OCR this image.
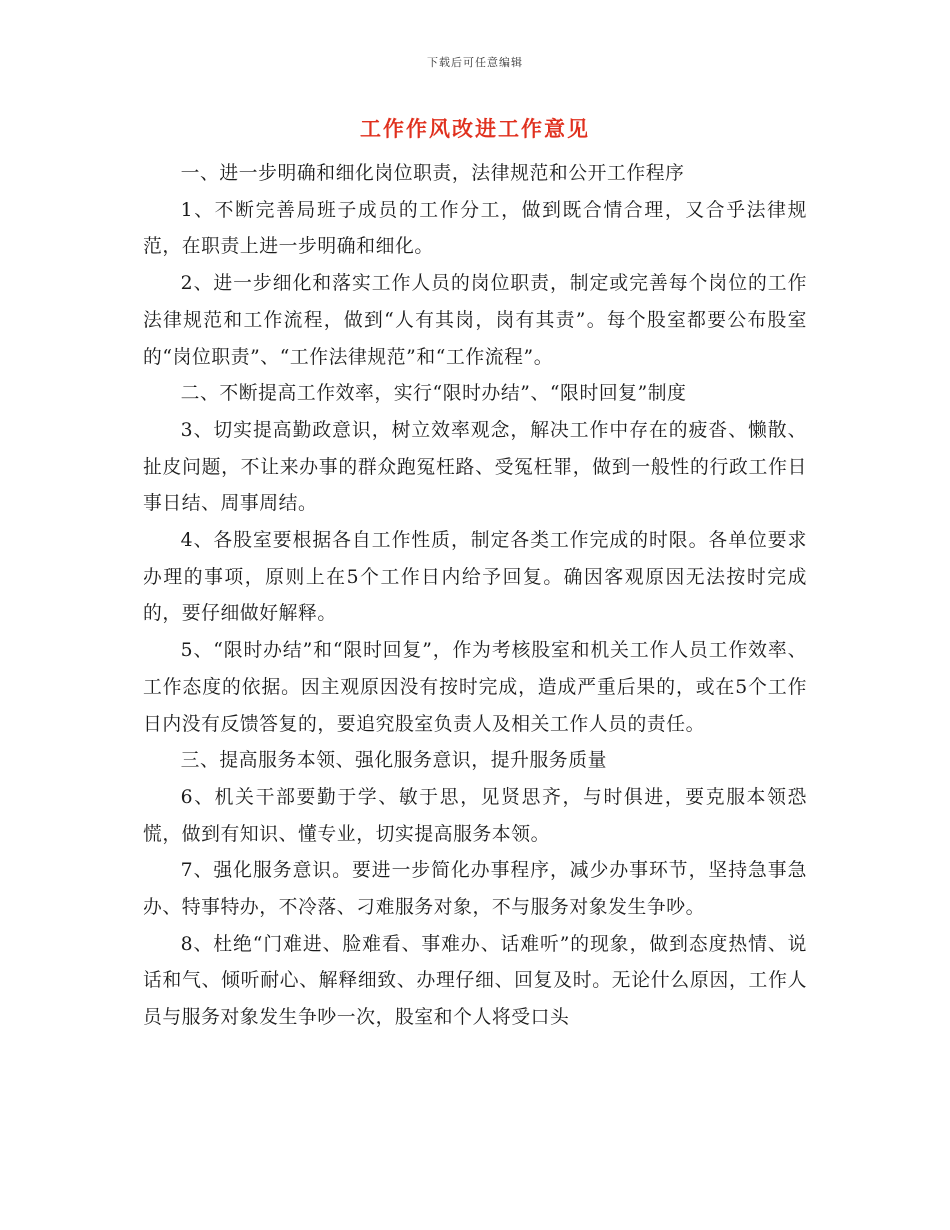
下载后可任意编辑
工作作风改进工作意见

一、进一步明确和细化岗位职责，法律规范和公开工作程序

1、不断完善局班子成员的工作分工，做到既合情合理，又合乎法律规范，在职责上进一步明确和细化。

2、进一步细化和落实工作人员的岗位职责，制定或完善每个岗位的工作法律规范和工作流程，做到“人有其岗，岗有其责”。每个股室都要公布股室的“岗位职责”、“工作法律规范”和“工作流程”。

二、不断提高工作效率，实行“限时办结”、“限时回复”制度

3、切实提高勤政意识，树立效率观念，解决工作中存在的疲沓、懒散、扯皮问题，不让来办事的群众跑冤枉路、受冤枉罪，做到一般性的行政工作日事日结、周事周结。

4、各股室要根据各自工作性质，制定各类工作完成的时限。各单位要求办理的事项，原则上在5个工作日内给予回复。确因客观原因无法按时完成的，要仔细做好解释。

5、“限时办结”和“限时回复”，作为考核股室和机关工作人员工作效率、工作态度的依据。因主观原因没有按时完成，造成严重后果的，或在5个工作日内没有反馈答复的，要追究股室负责人及相关工作人员的责任。

三、提高服务本领、强化服务意识，提升服务质量

6、机关干部要勤于学、敏于思，见贤思齐，与时俱进，要克服本领恐慌，做到有知识、懂专业，切实提高服务本领。

7、强化服务意识。要进一步简化办事程序，减少办事环节，坚持急事急办、特事特办，不冷落、刁难服务对象，不与服务对象发生争吵。

8、杜绝“门难进、脸难看、事难办、话难听”的现象，做到态度热情、说话和气、倾听耐心、解释细致、办理仔细、回复及时。无论什么原因，工作人员与服务对象发生争吵一次，股室和个人将受口头
